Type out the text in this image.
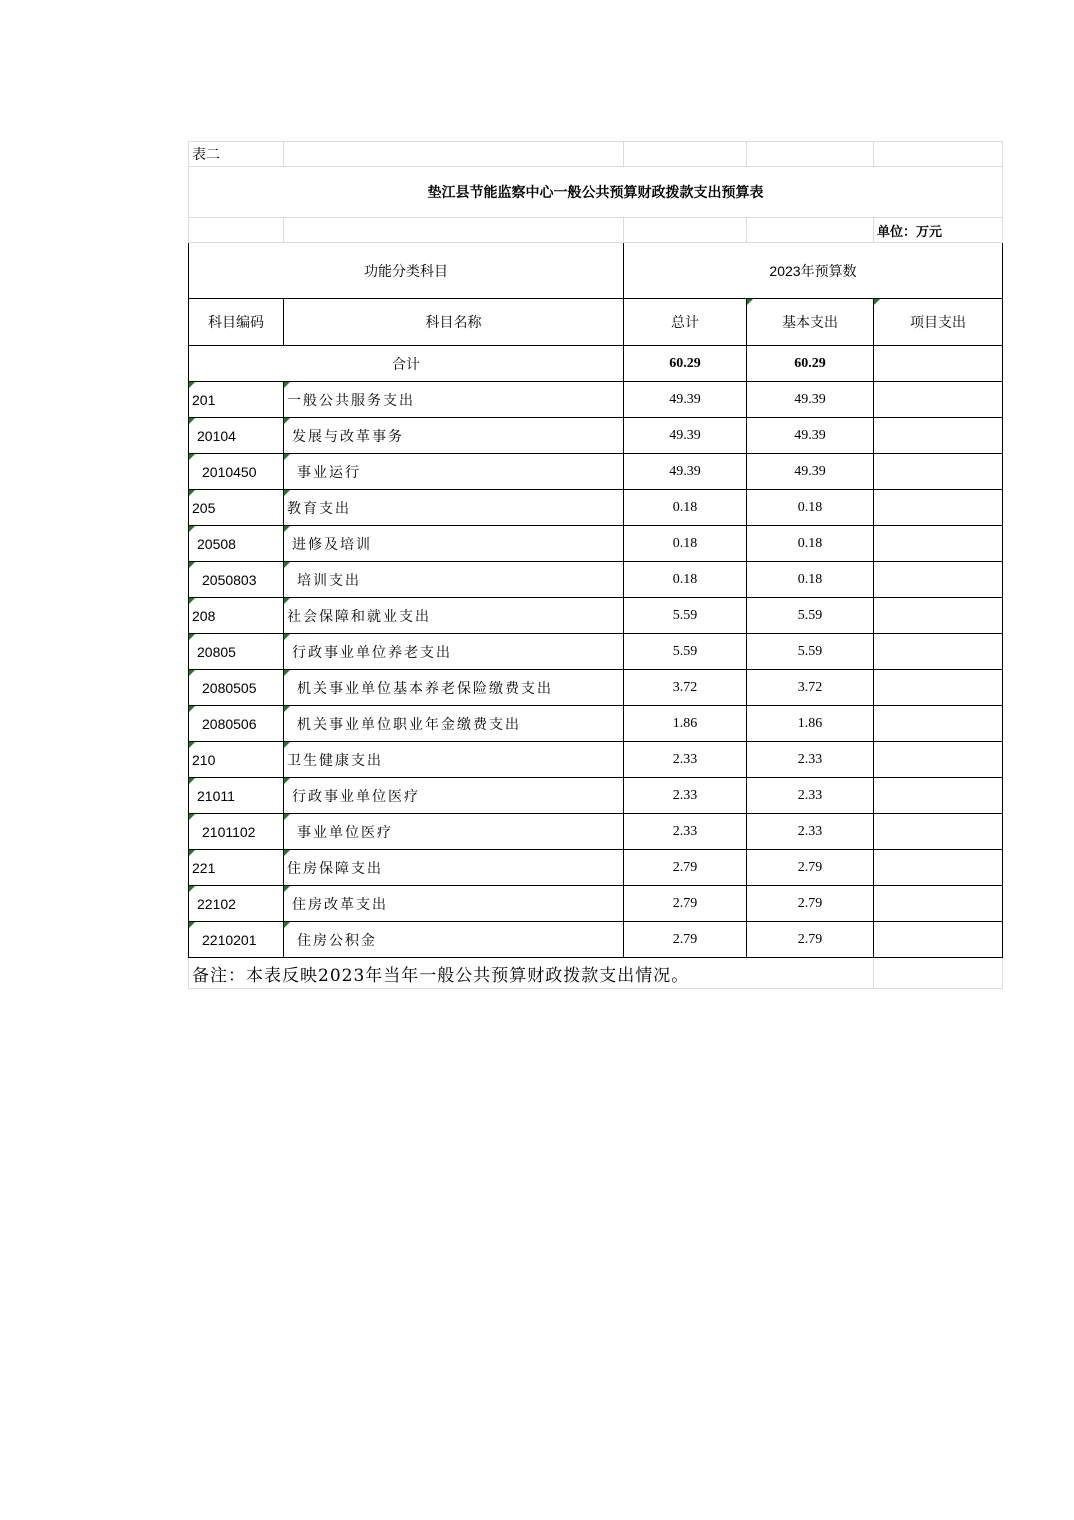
表二				
垫江县节能监察中心一般公共预算财政拨款支出预算表				
				单位：万元
功能分类科目		2023年预算数		
科目编码	科目名称	总计	基本支出	项目支出
合计		60.29	60.29	
201	一般公共服务支出	49.39	49.39	
20104	发展与改革事务	49.39	49.39	
2010450	事业运行	49.39	49.39	
205	教育支出	0.18	0.18	
20508	进修及培训	0.18	0.18	
2050803	培训支出	0.18	0.18	
208	社会保障和就业支出	5.59	5.59	
20805	行政事业单位养老支出	5.59	5.59	
2080505	机关事业单位基本养老保险缴费支出	3.72	3.72	
2080506	机关事业单位职业年金缴费支出	1.86	1.86	
210	卫生健康支出	2.33	2.33	
21011	行政事业单位医疗	2.33	2.33	
2101102	事业单位医疗	2.33	2.33	
221	住房保障支出	2.79	2.79	
22102	住房改革支出	2.79	2.79	
2210201	住房公积金	2.79	2.79	
备注：本表反映2023年当年一般公共预算财政拨款支出情况。				
